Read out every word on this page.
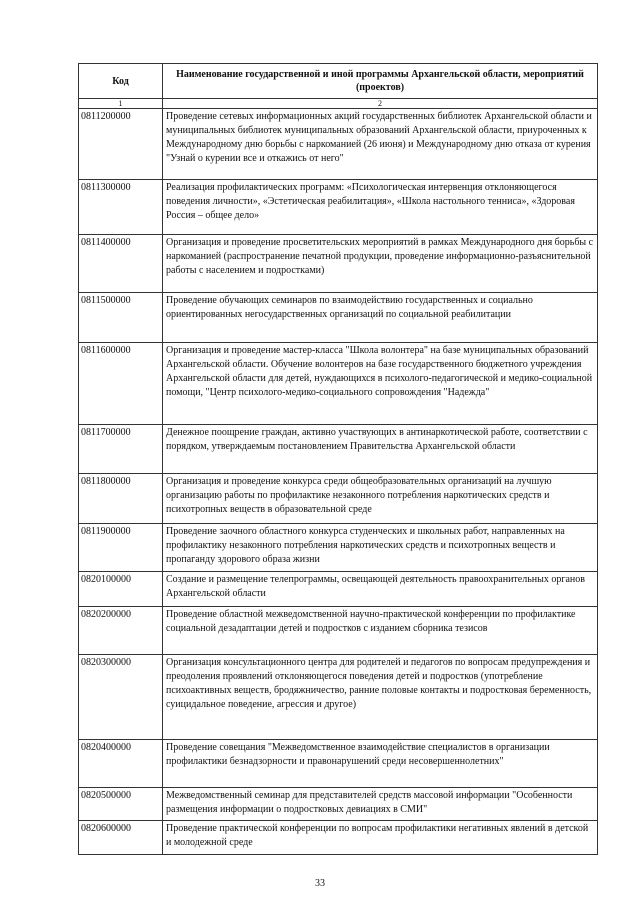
Код	Наименование государственной и иной программы Архангельской области, мероприятий (проектов)
1	2
0811200000	Проведение сетевых информационных акций государственных библиотек Архангельской области и муниципальных библиотек муниципальных образований Архангельской области, приуроченных к Международному дню борьбы с наркоманией (26 июня) и Международному дню отказа от курения "Узнай о курении все и откажись от него"
0811300000	Реализация профилактических программ: «Психологическая интервенция отклоняющегося поведения личности», «Эстетическая реабилитация», «Школа настольного тенниса», «Здоровая Россия – общее дело»
0811400000	Организация и проведение просветительских мероприятий в рамках Международного дня борьбы с наркоманией (распространение печатной продукции, проведение информационно-разъяснительной работы с населением и подростками)
0811500000	Проведение обучающих семинаров по взаимодействию государственных и социально ориентированных негосударственных организаций по социальной реабилитации
0811600000	Организация и проведение мастер-класса "Школа волонтера" на базе муниципальных образований Архангельской области. Обучение волонтеров на базе государственного бюджетного учреждения Архангельской области для детей, нуждающихся в психолого-педагогической и медико-социальной помощи, "Центр психолого-медико-социального сопровождения "Надежда"
0811700000	Денежное поощрение граждан, активно участвующих в антинаркотической работе, соответствии с порядком, утверждаемым постановлением Правительства Архангельской области
0811800000	Организация и проведение конкурса среди общеобразовательных организаций на лучшую организацию работы по профилактике незаконного потребления наркотических средств и психотропных веществ в образовательной среде
0811900000	Проведение заочного областного конкурса студенческих и школьных работ, направленных на профилактику незаконного потребления наркотических средств и психотропных веществ и пропаганду здорового образа жизни
0820100000	Создание и размещение телепрограммы, освещающей деятельность правоохранительных органов Архангельской области
0820200000	Проведение областной межведомственной научно-практической конференции по профилактике социальной дезадаптации детей и подростков с изданием сборника тезисов
0820300000	Организация консультационного центра для родителей и педагогов по вопросам предупреждения и преодоления проявлений отклоняющегося поведения детей и подростков (употребление психоактивных веществ, бродяжничество, ранние половые контакты и подростковая беременность, суицидальное поведение, агрессия и другое)
0820400000	Проведение совещания "Межведомственное взаимодействие специалистов в организации профилактики безнадзорности и правонарушений среди несовершеннолетних"
0820500000	Межведомственный семинар для представителей средств массовой информации "Особенности размещения информации о подростковых девиациях в СМИ"
0820600000	Проведение практической конференции по вопросам профилактики негативных явлений в детской и молодежной среде
33
